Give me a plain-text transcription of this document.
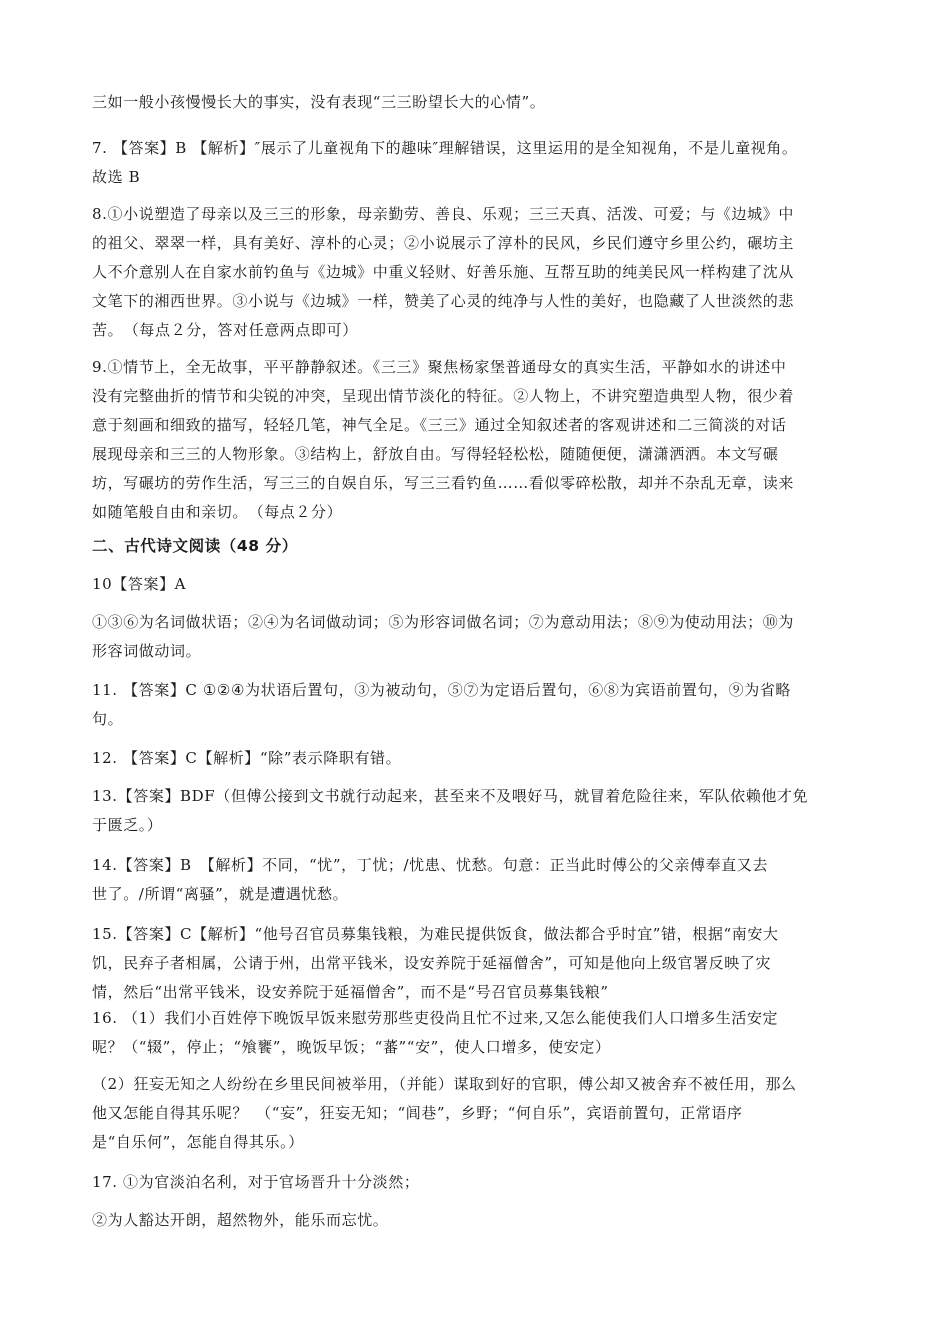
三如一般小孩慢慢长大的事实，没有表现“三三盼望长大的心情”。
7. 【答案】B 【解析】″展示了儿童视角下的趣味″理解错误，这里运用的是全知视角，不是儿童视角。
故选 B
8.①小说塑造了母亲以及三三的形象，母亲勤劳、善良、乐观；三三天真、活泼、可爱；与《边城》中
的祖父、翠翠一样，具有美好、淳朴的心灵；②小说展示了淳朴的民风，乡民们遵守乡里公约，碾坊主
人不介意别人在自家水前钓鱼与《边城》中重义轻财、好善乐施、互帮互助的纯美民风一样构建了沈从
文笔下的湘西世界。③小说与《边城》一样，赞美了心灵的纯净与人性的美好，也隐藏了人世淡然的悲
苦。　（每点２分，答对任意两点即可）
9.①情节上，全无故事，平平静静叙述。《三三》聚焦杨家堡普通母女的真实生活，平静如水的讲述中
没有完整曲折的情节和尖锐的冲突，呈现出情节淡化的特征。②人物上，不讲究塑造典型人物，很少着
意于刻画和细致的描写，轻轻几笔，神气全足。《三三》通过全知叙述者的客观讲述和二三简淡的对话
展现母亲和三三的人物形象。③结构上，舒放自由。写得轻轻松松，随随便便，潇潇洒洒。本文写碾
坊，写碾坊的劳作生活，写三三的自娱自乐，写三三看钓鱼……看似零碎松散，却并不杂乱无章，读来
如随笔般自由和亲切。　（每点２分）
二、古代诗文阅读（48 分）
10【答案】A
①③⑥为名词做状语；②④为名词做动词；⑤为形容词做名词；⑦为意动用法；⑧⑨为使动用法；⑩为
形容词做动词。
11. 【答案】C ①②④为状语后置句，③为被动句，⑤⑦为定语后置句，⑥⑧为宾语前置句，⑨为省略
句。
12. 【答案】C【解析】“除”表示降职有错。
13.【答案】BDF（但傅公接到文书就行动起来，甚至来不及喂好马，就冒着危险往来，军队依赖他才免
于匮乏。）
14.【答案】B　【解析】不同，“忧”，丁忧；/忧患、忧愁。句意：正当此时傅公的父亲傅奉直又去
世了。/所谓“离骚”，就是遭遇忧愁。
15.【答案】C【解析】“他号召官员募集钱粮，为难民提供饭食，做法都合乎时宜”错，根据“南安大
饥，民弃子者相属，公请于州，出常平钱米，设安养院于延福僧舍”，可知是他向上级官署反映了灾
情，然后“出常平钱米，设安养院于延福僧舍”，而不是“号召官员募集钱粮”
16. （1）我们小百姓停下晚饭早饭来慰劳那些吏役尚且忙不过来,又怎么能使我们人口增多生活安定
呢？（“辍”，停止；“飧饔”，晚饭早饭；“蕃”“安”，使人口增多，使安定）
（2）狂妄无知之人纷纷在乡里民间被举用，（并能）谋取到好的官职，傅公却又被舍弃不被任用，那么
他又怎能自得其乐呢？　（“妄”，狂妄无知；“闾巷”，乡野；“何自乐”，宾语前置句，正常语序
是“自乐何”，怎能自得其乐。）
17. ①为官淡泊名利，对于官场晋升十分淡然；
②为人豁达开朗，超然物外，能乐而忘忧。
